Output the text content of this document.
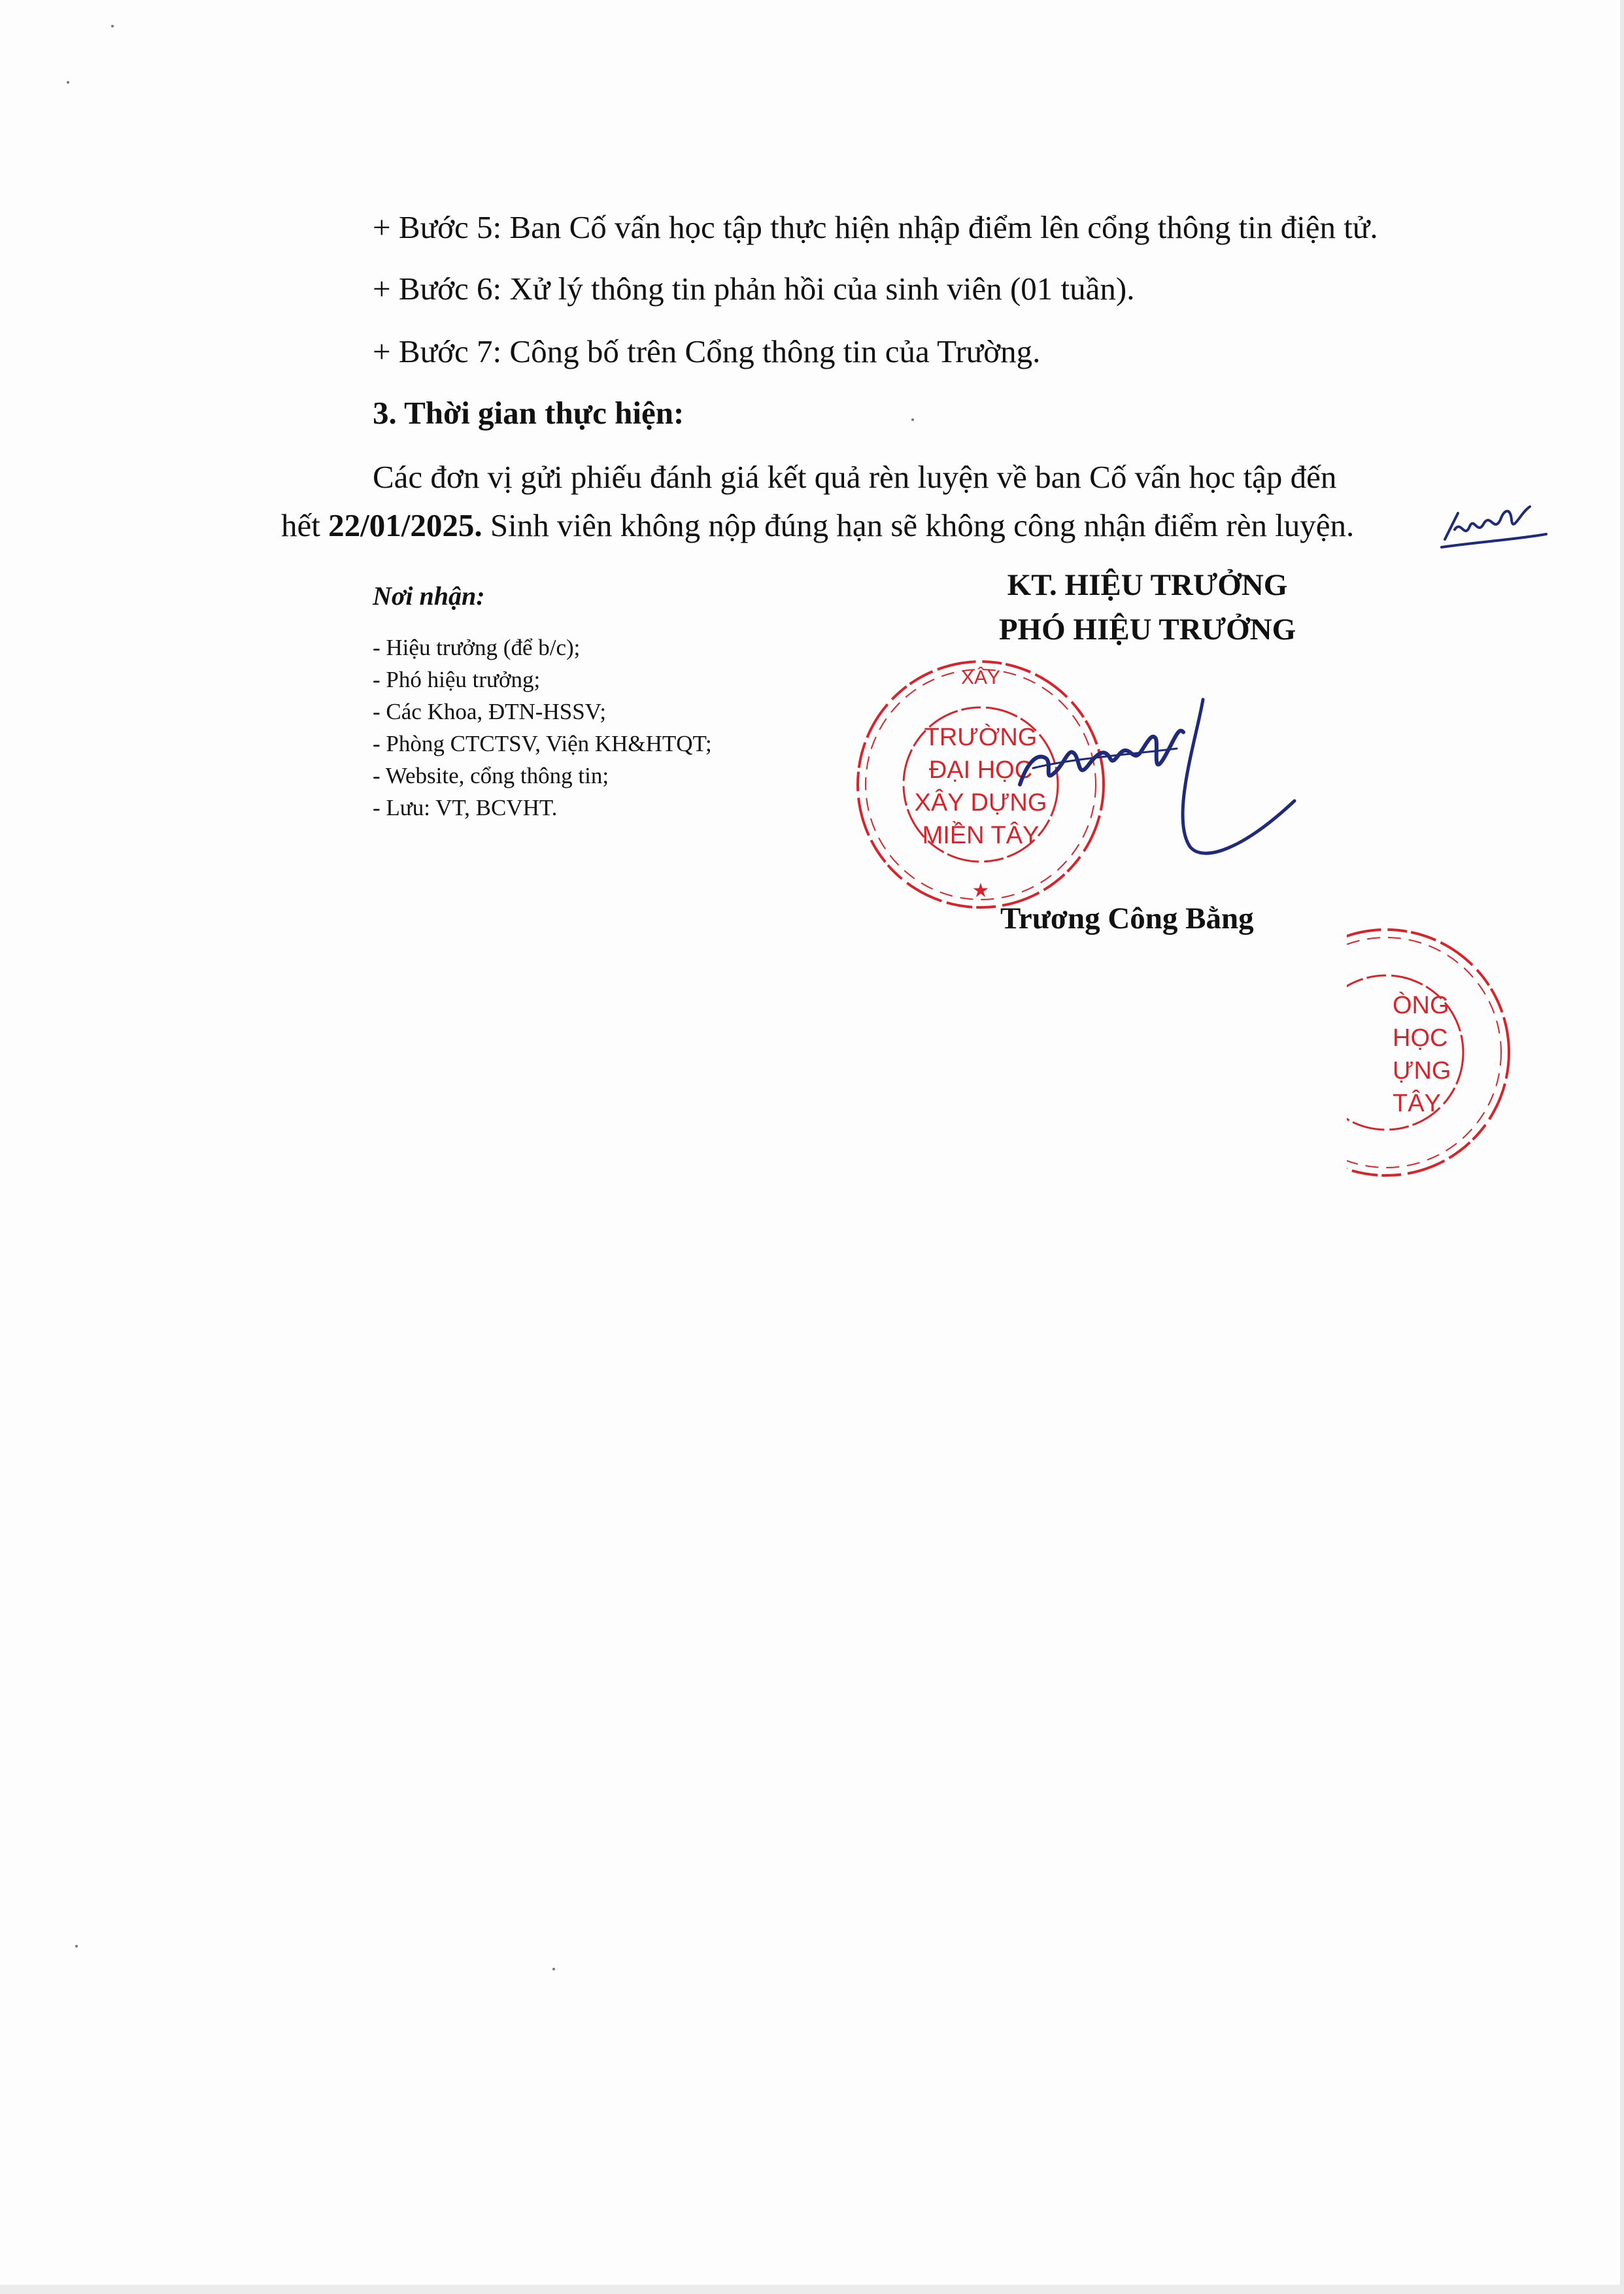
+ Bước 5: Ban Cố vấn học tập thực hiện nhập điểm lên cổng thông tin điện tử.
+ Bước 6: Xử lý thông tin phản hồi của sinh viên (01 tuần).
+ Bước 7: Công bố trên Cổng thông tin của Trường.
3. Thời gian thực hiện:
Các đơn vị gửi phiếu đánh giá kết quả rèn luyện về ban Cố vấn học tập đến
hết 22/01/2025. Sinh viên không nộp đúng hạn sẽ không công nhận điểm rèn luyện.
Nơi nhận:
- Hiệu trưởng (để b/c);
- Phó hiệu trưởng;
- Các Khoa, ĐTN-HSSV;
- Phòng CTCTSV, Viện KH&HTQT;
- Website, cổng thông tin;
- Lưu: VT, BCVHT.
KT. HIỆU TRƯỞNG
PHÓ HIỆU TRƯỞNG
XÂY
TRƯỜNG
ĐẠI HỌC
XÂY DỰNG
MIỀN TÂY
★
Trương Công Bằng
ÒNG
HỌC
ỰNG
TÂY
